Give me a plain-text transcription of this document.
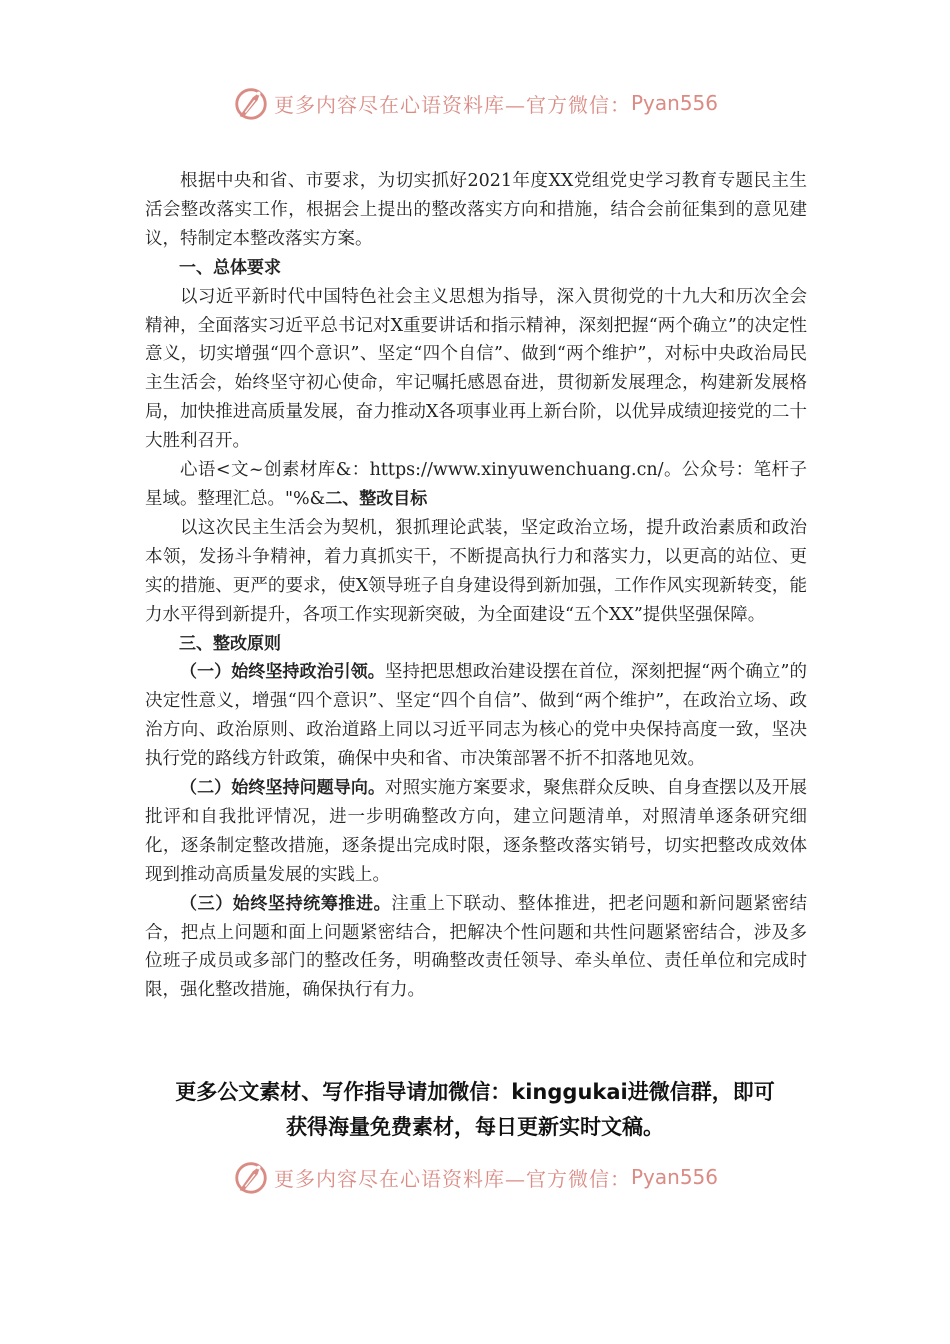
更多内容尽在心语资料库—官方微信： Pyan556

根据中央和省、市要求，为切实抓好2021年度XX党组党史学习教育专题民主生活会整改落实工作，根据会上提出的整改落实方向和措施，结合会前征集到的意见建议，特制定本整改落实方案。

一、总体要求

以习近平新时代中国特色社会主义思想为指导，深入贯彻党的十九大和历次全会精神，全面落实习近平总书记对X重要讲话和指示精神，深刻把握“两个确立”的决定性意义，切实增强“四个意识”、坚定“四个自信”、做到“两个维护”，对标中央政治局民主生活会，始终坚守初心使命，牢记嘱托感恩奋进，贯彻新发展理念，构建新发展格局，加快推进高质量发展，奋力推动X各项事业再上新台阶，以优异成绩迎接党的二十大胜利召开。

心语<文~创素材库&：https://www.xinyuwenchuang.cn/。公众号：笔杆子星域。整理汇总。"%&二、整改目标

以这次民主生活会为契机，狠抓理论武装，坚定政治立场，提升政治素质和政治本领，发扬斗争精神，着力真抓实干，不断提高执行力和落实力，以更高的站位、更实的措施、更严的要求，使X领导班子自身建设得到新加强，工作作风实现新转变，能力水平得到新提升，各项工作实现新突破，为全面建设“五个XX”提供坚强保障。

三、整改原则

（一）始终坚持政治引领。坚持把思想政治建设摆在首位，深刻把握“两个确立”的决定性意义，增强“四个意识”、坚定“四个自信”、做到“两个维护”，在政治立场、政治方向、政治原则、政治道路上同以习近平同志为核心的党中央保持高度一致，坚决执行党的路线方针政策，确保中央和省、市决策部署不折不扣落地见效。

（二）始终坚持问题导向。对照实施方案要求，聚焦群众反映、自身查摆以及开展批评和自我批评情况，进一步明确整改方向，建立问题清单，对照清单逐条研究细化，逐条制定整改措施，逐条提出完成时限，逐条整改落实销号，切实把整改成效体现到推动高质量发展的实践上。

（三）始终坚持统筹推进。注重上下联动、整体推进，把老问题和新问题紧密结合，把点上问题和面上问题紧密结合，把解决个性问题和共性问题紧密结合，涉及多位班子成员或多部门的整改任务，明确整改责任领导、牵头单位、责任单位和完成时限，强化整改措施，确保执行有力。

更多公文素材、写作指导请加微信：kinggukai进微信群，即可
获得海量免费素材，每日更新实时文稿。
更多内容尽在心语资料库—官方微信： Pyan556
